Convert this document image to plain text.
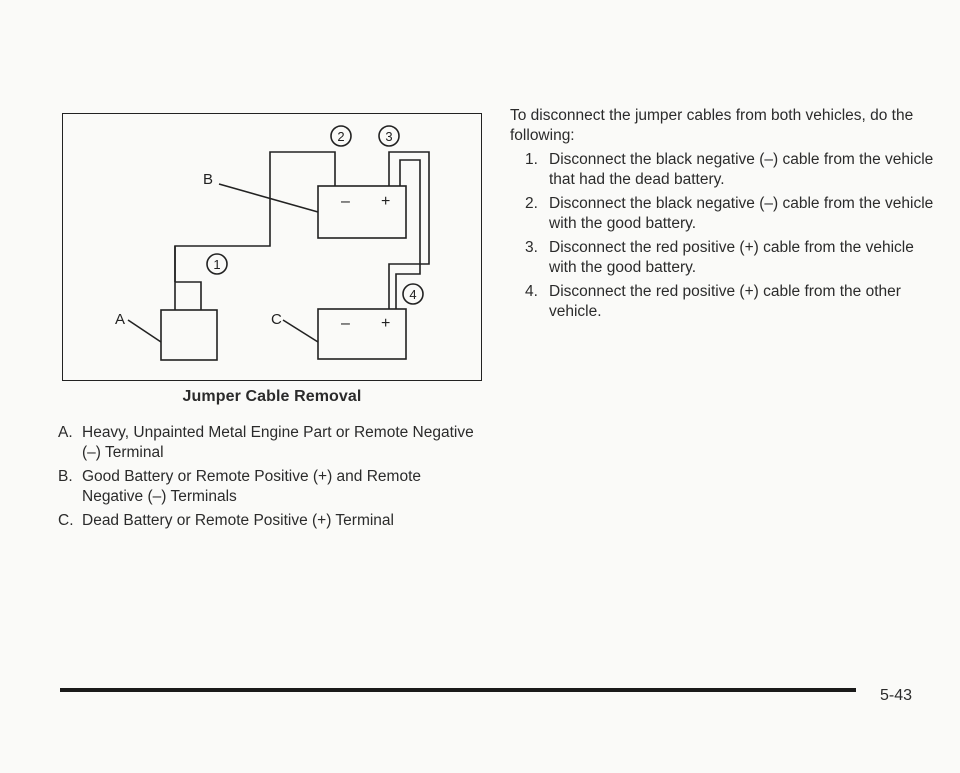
– +
– +
B
A	C
1
2	3
4
Jumper Cable Removal
A. Heavy, Unpainted Metal Engine Part or Remote Negative (–) Terminal
B. Good Battery or Remote Positive (+) and Remote Negative (–) Terminals
C. Dead Battery or Remote Positive (+) Terminal

To disconnect the jumper cables from both vehicles, do the following:

1. Disconnect the black negative (–) cable from the vehicle that had the dead battery.
2. Disconnect the black negative (–) cable from the vehicle with the good battery.
3. Disconnect the red positive (+) cable from the vehicle with the good battery.
4. Disconnect the red positive (+) cable from the other vehicle.
5-43
